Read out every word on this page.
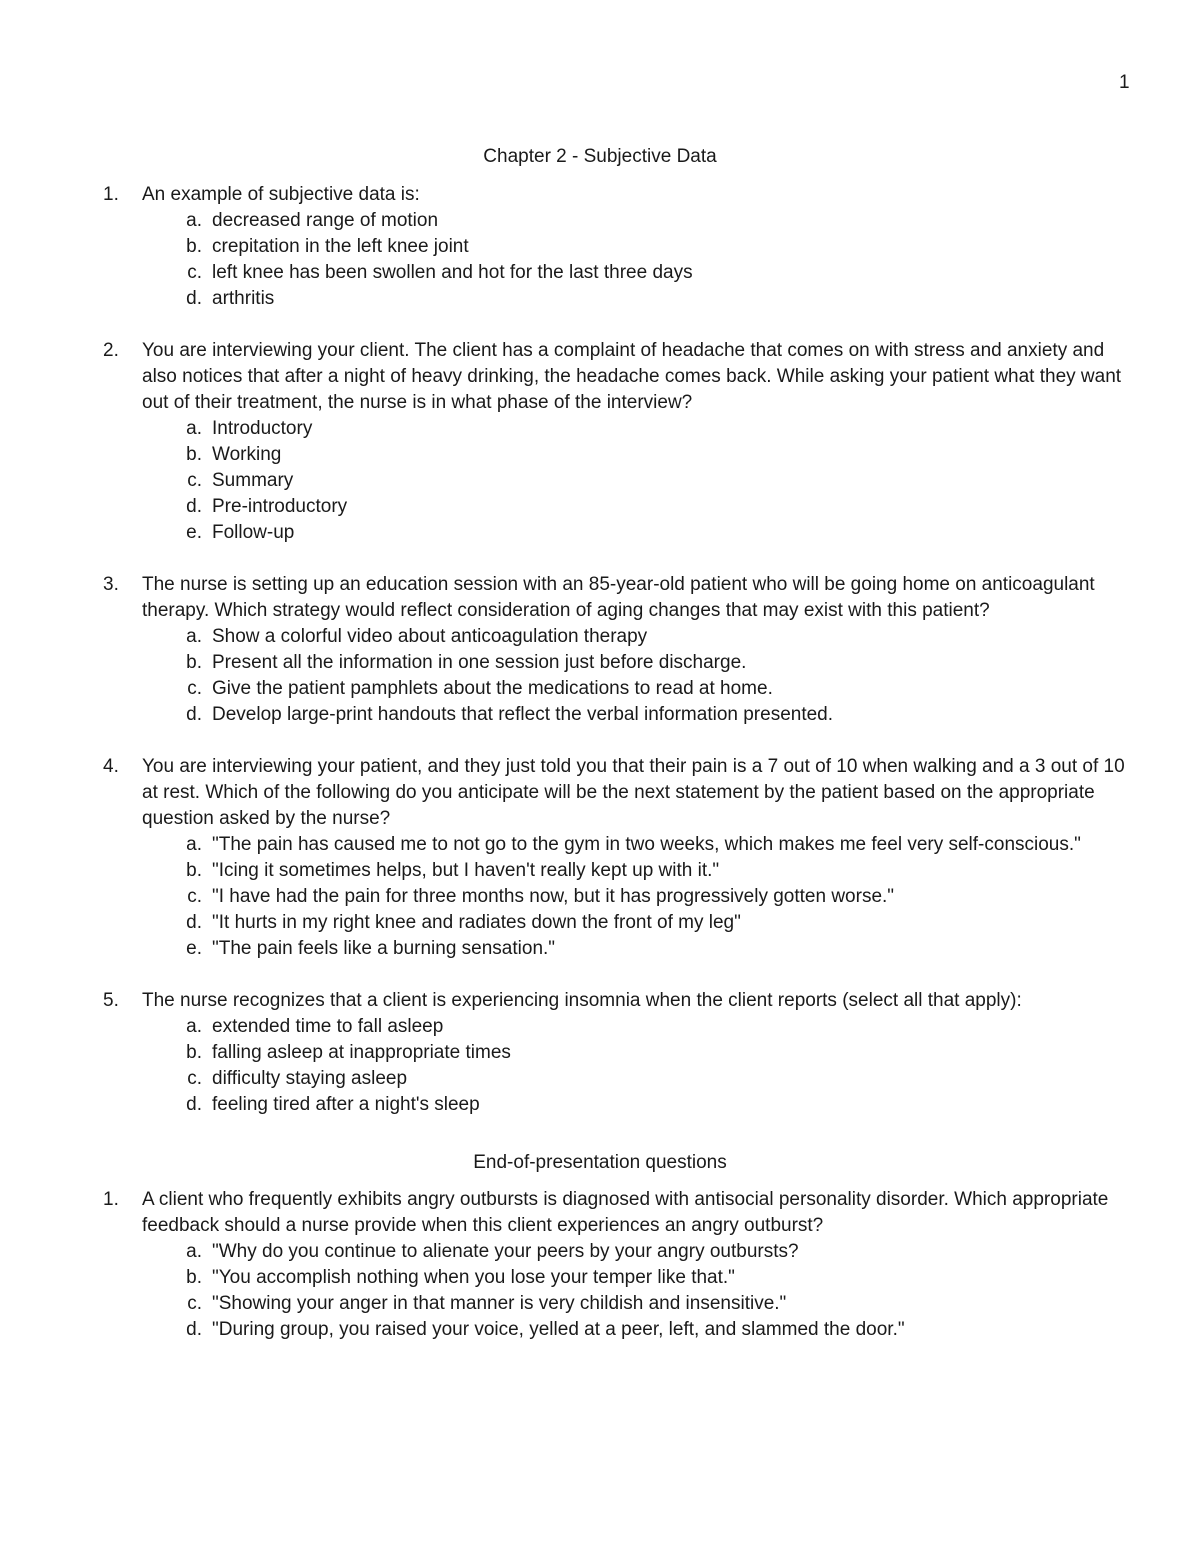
1
Chapter 2 - Subjective Data
1.	An example of subjective data is:
a. decreased range of motion
b. crepitation in the left knee joint
c. left knee has been swollen and hot for the last three days
d. arthritis
2.	You are interviewing your client. The client has a complaint of headache that comes on with stress and anxiety and also notices that after a night of heavy drinking, the headache comes back. While asking your patient what they want out of their treatment, the nurse is in what phase of the interview?
a. Introductory
b. Working
c. Summary
d. Pre-introductory
e. Follow-up
3.	The nurse is setting up an education session with an 85-year-old patient who will be going home on anticoagulant therapy. Which strategy would reflect consideration of aging changes that may exist with this patient?
a. Show a colorful video about anticoagulation therapy
b. Present all the information in one session just before discharge.
c. Give the patient pamphlets about the medications to read at home.
d. Develop large-print handouts that reflect the verbal information presented.
4.	You are interviewing your patient, and they just told you that their pain is a 7 out of 10 when walking and a 3 out of 10 at rest. Which of the following do you anticipate will be the next statement by the patient based on the appropriate question asked by the nurse?
a. "The pain has caused me to not go to the gym in two weeks, which makes me feel very self-conscious."
b. "Icing it sometimes helps, but I haven't really kept up with it."
c. "I have had the pain for three months now, but it has progressively gotten worse."
d. "It hurts in my right knee and radiates down the front of my leg"
e. "The pain feels like a burning sensation."
5.	The nurse recognizes that a client is experiencing insomnia when the client reports (select all that apply):
a. extended time to fall asleep
b. falling asleep at inappropriate times
c. difficulty staying asleep
d. feeling tired after a night's sleep
End-of-presentation questions
1.	A client who frequently exhibits angry outbursts is diagnosed with antisocial personality disorder. Which appropriate feedback should a nurse provide when this client experiences an angry outburst?
a. "Why do you continue to alienate your peers by your angry outbursts?
b. "You accomplish nothing when you lose your temper like that."
c. "Showing your anger in that manner is very childish and insensitive."
d. "During group, you raised your voice, yelled at a peer, left, and slammed the door."
